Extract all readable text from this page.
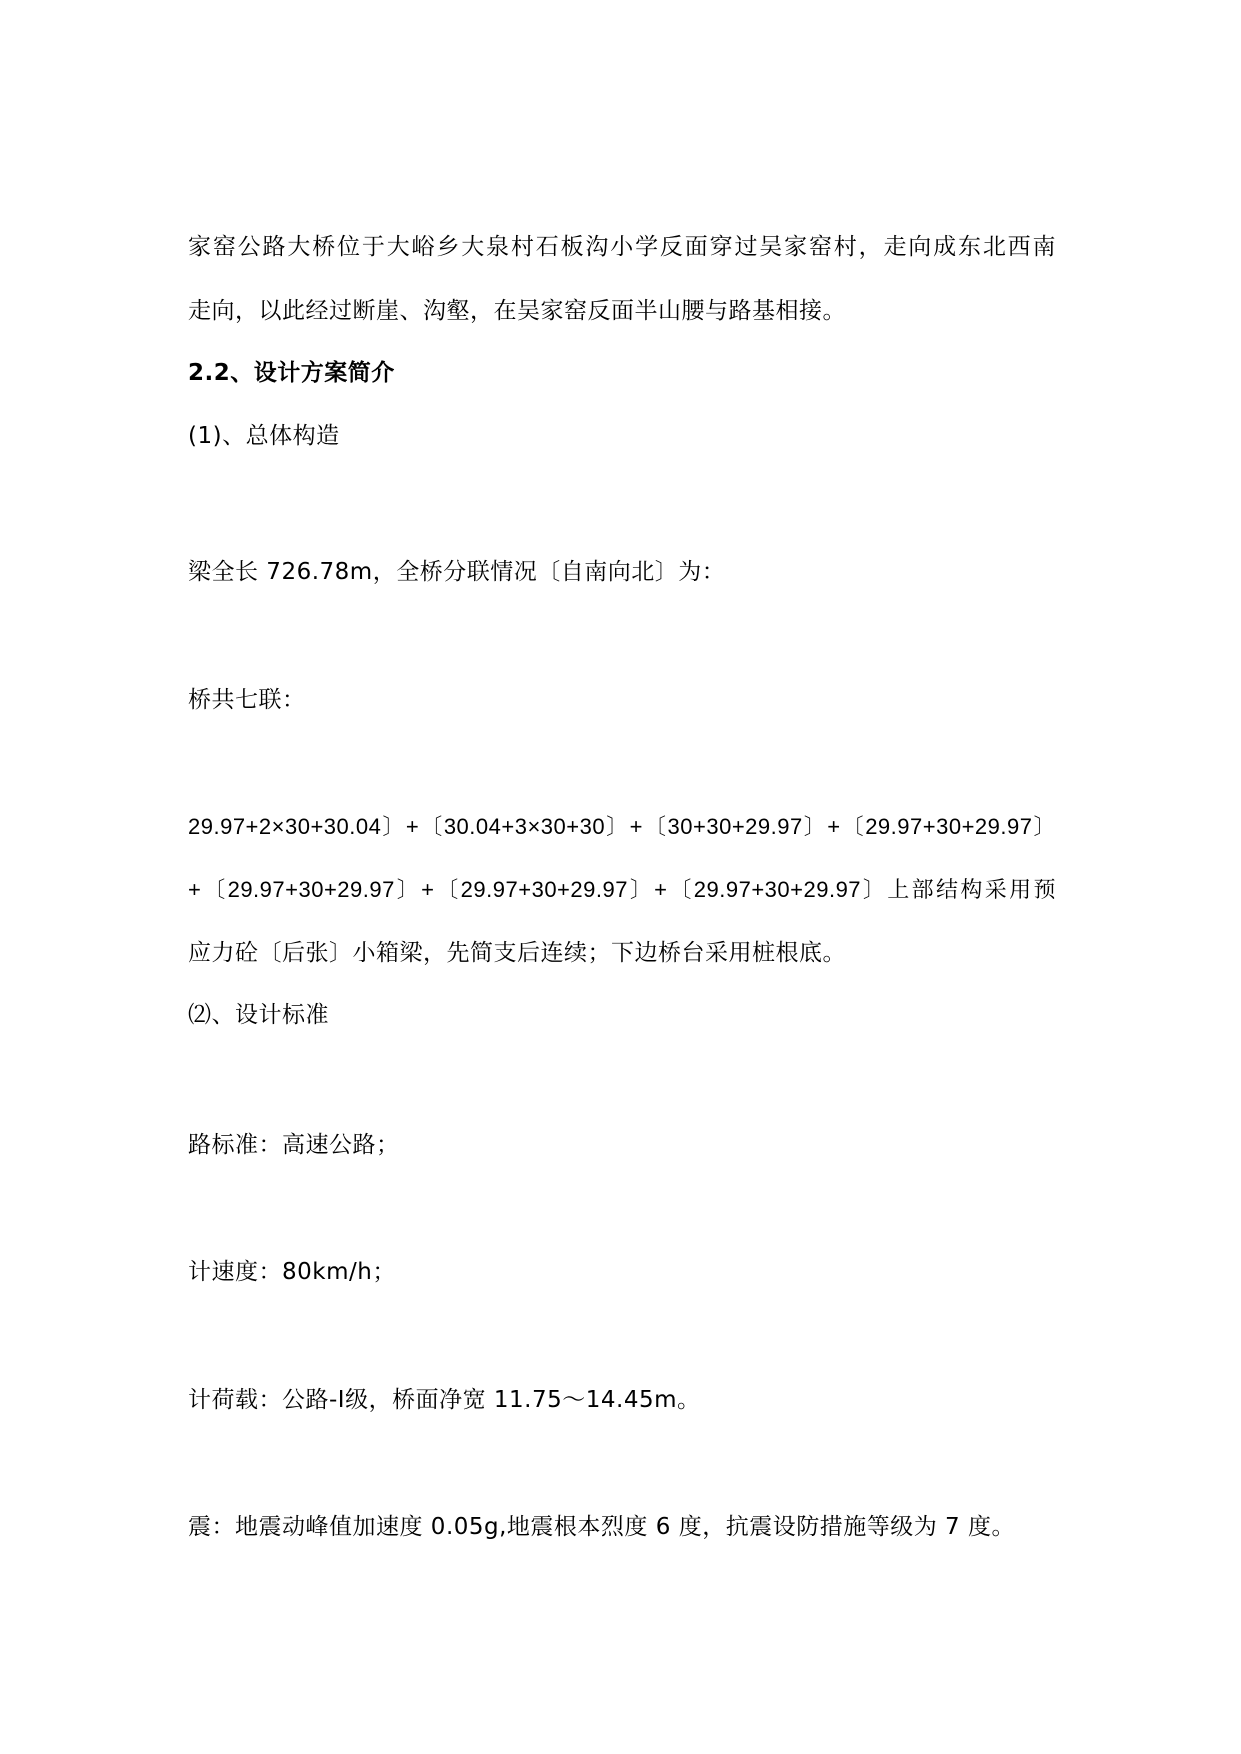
家窑公路大桥位于大峪乡大泉村石板沟小学反面穿过吴家窑村，走向成东北西南
走向，以此经过断崖、沟壑，在吴家窑反面半山腰与路基相接。
2.2、设计方案简介
(1)、总体构造
梁全长 726.78m，全桥分联情况〔自南向北〕为：
桥共七联：
29.97+2×30+30.04〕+〔30.04+3×30+30〕+〔30+30+29.97〕+〔29.97+30+29.97〕
+〔29.97+30+29.97〕+〔29.97+30+29.97〕+〔29.97+30+29.97〕上部结构采用预
应力砼〔后张〕小箱梁，先简支后连续；下边桥台采用桩根底。
⑵、设计标准
路标准：高速公路；
计速度：80km/h；
计荷载：公路-Ⅰ级，桥面净宽 11.75～14.45m。
震：地震动峰值加速度 0.05g,地震根本烈度 6 度，抗震设防措施等级为 7 度。
